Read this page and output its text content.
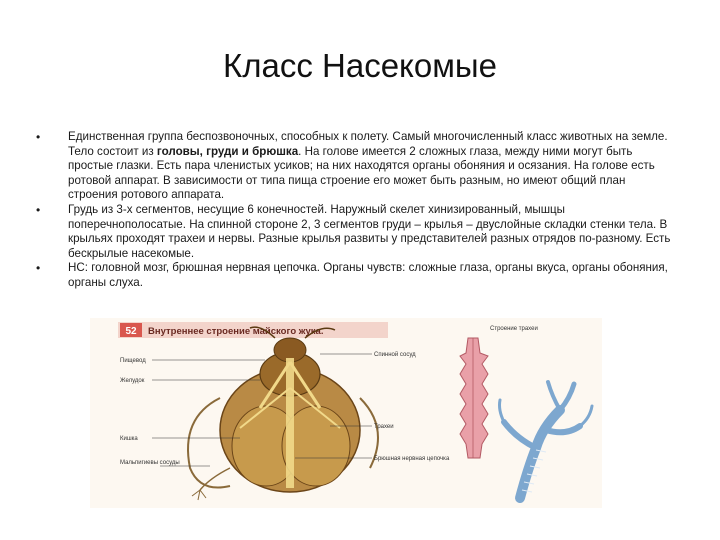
Класс Насекомые
• Единственная группа беспозвоночных, способных к полету. Самый многочисленный класс животных на земле. Тело состоит из головы, груди и брюшка. На голове имеется 2 сложных глаза, между ними могут быть простые глазки. Есть пара членистых усиков; на них находятся органы обоняния и осязания. На голове есть ротовой аппарат. В зависимости от типа пища строение его может быть разным, но имеют общий план строения ротового аппарата.
• Грудь из 3-х сегментов, несущие 6 конечностей. Наружный скелет хинизированный, мышцы поперечнополосатые. На спинной стороне 2, 3 сегментов груди – крылья – двуслойные складки стенки тела. В крыльях проходят трахеи и нервы. Разные крылья развиты у представителей разных отрядов по-разному. Есть бескрылые насекомые.
• НС: головной мозг, брюшная нервная цепочка. Органы чувств: сложные глаза, органы вкуса, органы обоняния, органы слуха.
52 Внутреннее строение майского жука.
Пищевод
Желудок
Кишка
Мальпигиевы сосуды
Спинной сосуд
Трахеи
Брюшная нервная цепочка
Строение трахеи
